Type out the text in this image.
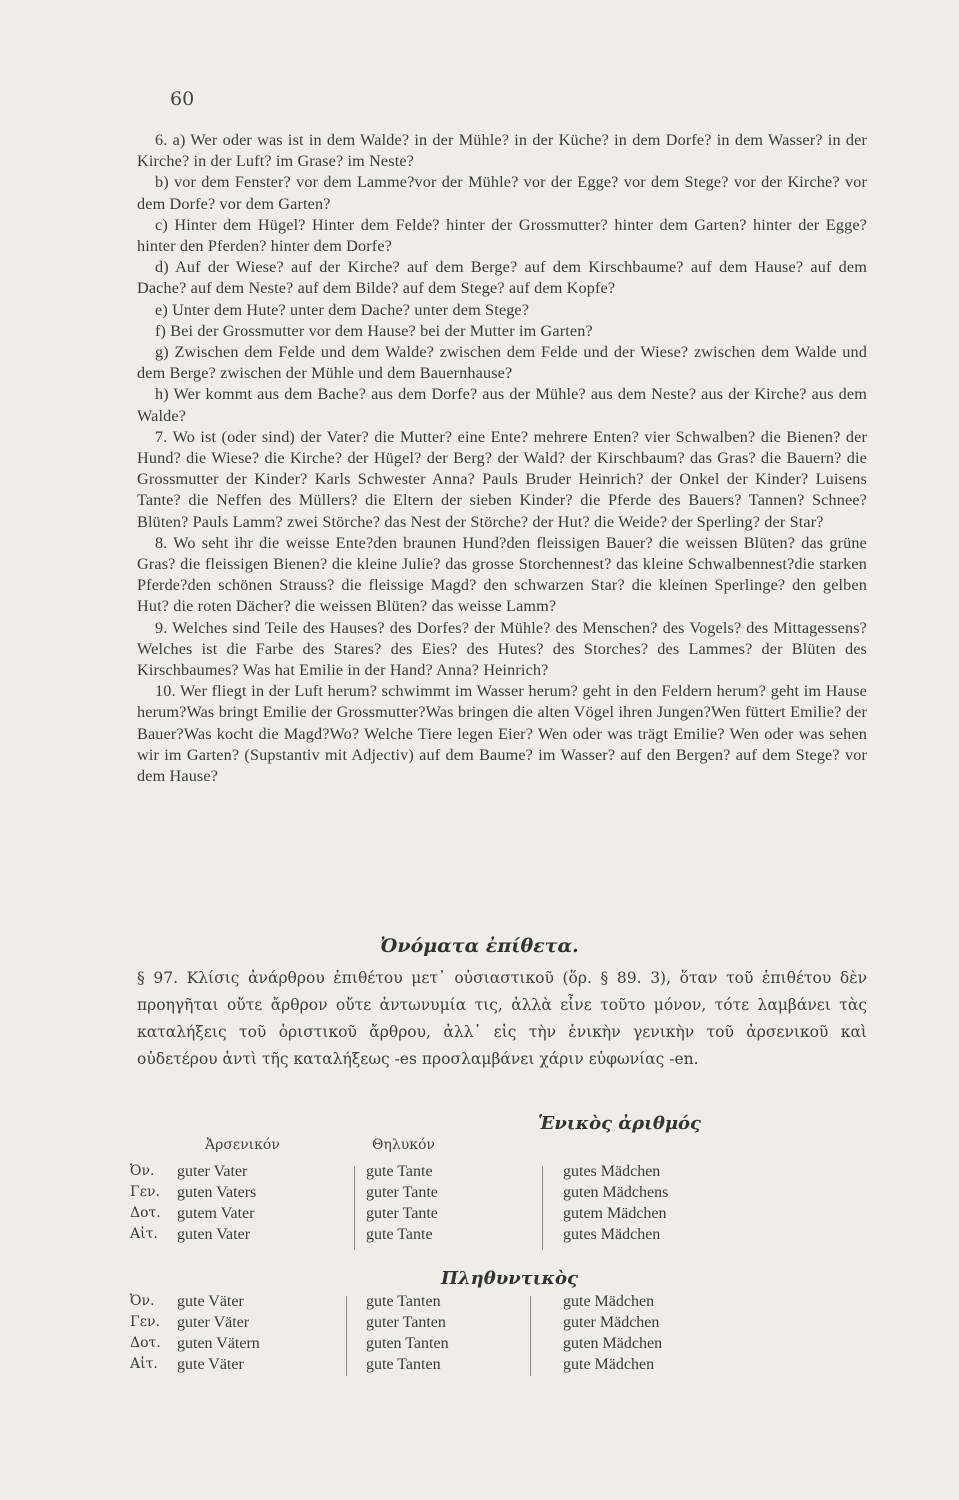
60

6. a) Wer oder was ist in dem Walde? in der Mühle? in der Küche? in dem Dorfe? in dem Wasser? in der Kirche? in der Luft? im Grase? im Neste?

b) vor dem Fenster? vor dem Lamme?vor der Mühle? vor der Egge? vor dem Stege? vor der Kirche? vor dem Dorfe? vor dem Garten?

c) Hinter dem Hügel? Hinter dem Felde? hinter der Grossmutter? hinter dem Garten? hinter der Egge? hinter den Pferden? hinter dem Dorfe?

d) Auf der Wiese? auf der Kirche? auf dem Berge? auf dem Kirschbaume? auf dem Hause? auf dem Dache? auf dem Neste? auf dem Bilde? auf dem Stege? auf dem Kopfe?

e) Unter dem Hute? unter dem Dache? unter dem Stege?

f) Bei der Grossmutter vor dem Hause? bei der Mutter im Garten?

g) Zwischen dem Felde und dem Walde? zwischen dem Felde und der Wiese? zwischen dem Walde und dem Berge? zwischen der Mühle und dem Bauernhause?

h) Wer kommt aus dem Bache? aus dem Dorfe? aus der Mühle? aus dem Neste? aus der Kirche? aus dem Walde?

7. Wo ist (oder sind) der Vater? die Mutter? eine Ente? mehrere Enten? vier Schwalben? die Bienen? der Hund? die Wiese? die Kirche? der Hügel? der Berg? der Wald? der Kirschbaum? das Gras? die Bauern? die Grossmutter der Kinder? Karls Schwester Anna? Pauls Bruder Heinrich? der Onkel der Kinder? Luisens Tante? die Neffen des Müllers? die Eltern der sieben Kinder? die Pferde des Bauers? Tannen? Schnee? Blüten? Pauls Lamm? zwei Störche? das Nest der Störche? der Hut? die Weide? der Sperling? der Star?

8. Wo seht ihr die weisse Ente?den braunen Hund?den fleissigen Bauer? die weissen Blüten? das grüne Gras? die fleissigen Bienen? die kleine Julie? das grosse Storchennest? das kleine Schwalbennest?die starken Pferde?den schönen Strauss? die fleissige Magd? den schwarzen Star? die kleinen Sperlinge? den gelben Hut? die roten Dächer? die weissen Blüten? das weisse Lamm?

9. Welches sind Teile des Hauses? des Dorfes? der Mühle? des Menschen? des Vogels? des Mittagessens? Welches ist die Farbe des Stares? des Eies? des Hutes? des Storches? des Lammes? der Blüten des Kirschbaumes? Was hat Emilie in der Hand? Anna? Heinrich?

10. Wer fliegt in der Luft herum? schwimmt im Wasser herum? geht in den Feldern herum? geht im Hause herum?Was bringt Emilie der Grossmutter?Was bringen die alten Vögel ihren Jungen?Wen füttert Emilie? der Bauer?Was kocht die Magd?Wo? Welche Tiere legen Eier? Wen oder was trägt Emilie? Wen oder was sehen wir im Garten? (Supstantiv mit Adjectiv) auf dem Baume? im Wasser? auf den Bergen? auf dem Stege? vor dem Hause?

Ὀνόματα ἐπίθετα.
§ 97. Κλίσις ἀνάρθρου ἐπιθέτου μετ᾽ οὐσιαστικοῦ (ὅρ. § 89. 3), ὅταν τοῦ ἐπιθέτου δὲν προηγῆται οὔτε ἄρθρον οὔτε ἀντωνυμία τις, ἀλλὰ εἶνε τοῦτο μόνον, τότε λαμβάνει τὰς καταλήξεις τοῦ ὁριστικοῦ ἄρθρου, ἀλλ᾽ εἰς τὴν ἑνικὴν γενικὴν τοῦ ἀρσενικοῦ καὶ οὐδετέρου ἀντὶ τῆς καταλήξεως -es προσλαμβάνει χάριν εὐφωνίας -en.
Ἑνικὸς ἀριθμός
Ἀρσενικόν	Θηλυκόν
Ὀν.	guter Vater	gute Tante	gutes Mädchen
Γεν.	guten Vaters	guter Tante	guten Mädchens
Δοτ.	gutem Vater	guter Tante	gutem Mädchen
Αἰτ.	guten Vater	gute Tante	gutes Mädchen
Πληθυντικὸς
Ὀν.	gute Väter	gute Tanten	gute Mädchen
Γεν.	guter Väter	guter Tanten	guter Mädchen
Δοτ.	guten Vätern	guten Tanten	guten Mädchen
Αἰτ.	gute Väter	gute Tanten	gute Mädchen
